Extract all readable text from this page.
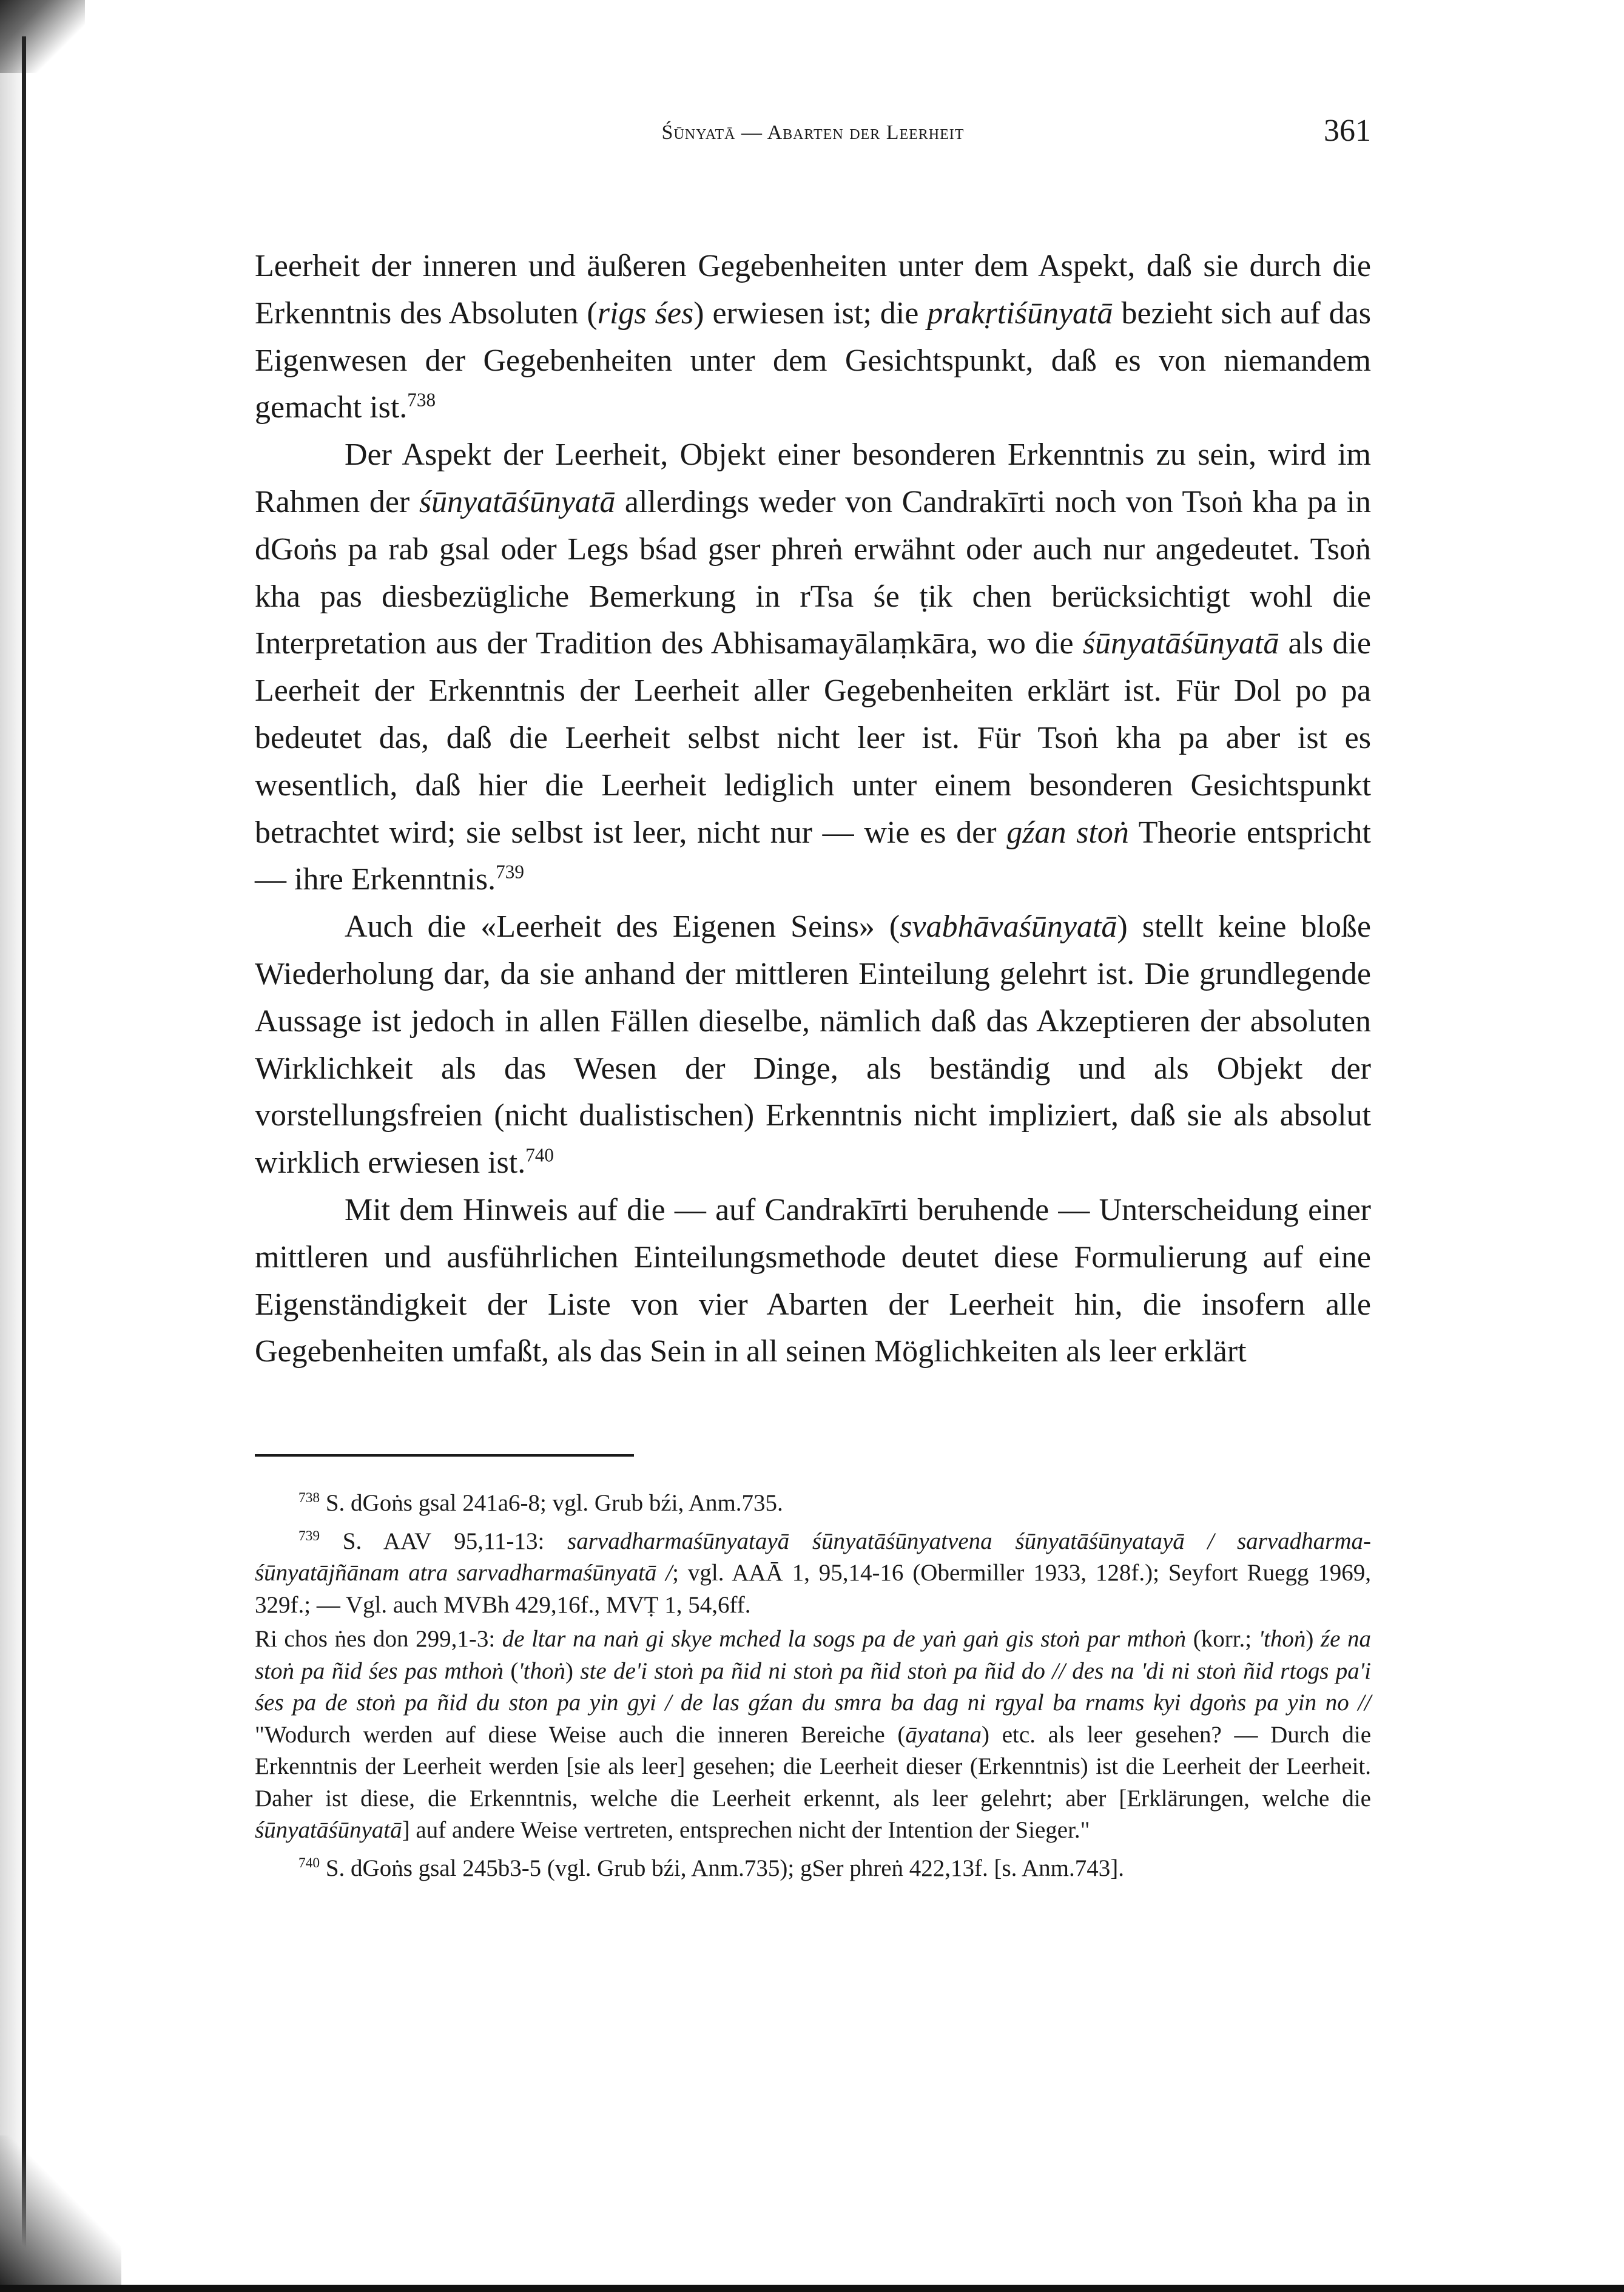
Śūnyatā — Abarten der Leerheit	361

Leerheit der inneren und äußeren Gegebenheiten unter dem Aspekt, daß sie durch die Erkenntnis des Absoluten (rigs śes) erwiesen ist; die prakṛtiśūnyatā bezieht sich auf das Eigenwesen der Gegebenheiten unter dem Gesichtspunkt, daß es von niemandem gemacht ist.$^{738}$

Der Aspekt der Leerheit, Objekt einer besonderen Erkenntnis zu sein, wird im Rahmen der śūnyatāśūnyatā allerdings weder von Candrakīrti noch von Tsoṅ kha pa in dGoṅs pa rab gsal oder Legs bśad gser phreṅ erwähnt oder auch nur angedeutet. Tsoṅ kha pas diesbezügliche Bemerkung in rTsa śe ṭik chen berücksichtigt wohl die Interpretation aus der Tradition des Abhisamayālaṃkāra, wo die śūnyatāśūnyatā als die Leerheit der Erkenntnis der Leerheit aller Gegebenheiten erklärt ist. Für Dol po pa bedeutet das, daß die Leerheit selbst nicht leer ist. Für Tsoṅ kha pa aber ist es wesentlich, daß hier die Leerheit lediglich unter einem besonderen Gesichtspunkt betrachtet wird; sie selbst ist leer, nicht nur — wie es der gźan stoṅ Theorie entspricht — ihre Erkenntnis.$^{739}$

Auch die «Leerheit des Eigenen Seins» (svabhāvaśūnyatā) stellt keine bloße Wiederholung dar, da sie anhand der mittleren Einteilung gelehrt ist. Die grundlegende Aussage ist jedoch in allen Fällen dieselbe, nämlich daß das Akzeptieren der absoluten Wirklichkeit als das Wesen der Dinge, als beständig und als Objekt der vorstellungsfreien (nicht dualistischen) Erkenntnis nicht impliziert, daß sie als absolut wirklich erwiesen ist.$^{740}$

Mit dem Hinweis auf die — auf Candrakīrti beruhende — Unterscheidung einer mittleren und ausführlichen Einteilungsmethode deutet diese Formulierung auf eine Eigenständigkeit der Liste von vier Abarten der Leerheit hin, die insofern alle Gegebenheiten umfaßt, als das Sein in all seinen Möglichkeiten als leer erklärt

$^{738}$ S. dGoṅs gsal 241a6-8; vgl. Grub bźi, Anm.735.

$^{739}$ S. AAV 95,11-13: sarvadharmaśūnyatayā śūnyatāśūnyatvena śūnyatāśūnyatayā / sarvadharmaśūnyatājñānam atra sarvadharmaśūnyatā /; vgl. AAĀ 1, 95,14-16 (Obermiller 1933, 128f.); Seyfort Ruegg 1969, 329f.; — Vgl. auch MVBh 429,16f., MVṬ 1, 54,6ff.

Ri chos ṅes don 299,1-3: de ltar na naṅ gi skye mched la sogs pa de yaṅ gaṅ gis stoṅ par mthoṅ (korr.; 'thoṅ) źe na stoṅ pa ñid śes pas mthoṅ ('thoṅ) ste de'i stoṅ pa ñid ni stoṅ pa ñid stoṅ pa ñid do // des na 'di ni stoṅ ñid rtogs pa'i śes pa de stoṅ pa ñid du ston pa yin gyi / de las gźan du smra ba dag ni rgyal ba rnams kyi dgoṅs pa yin no // "Wodurch werden auf diese Weise auch die inneren Bereiche (āyatana) etc. als leer gesehen? — Durch die Erkenntnis der Leerheit werden [sie als leer] gesehen; die Leerheit dieser (Erkenntnis) ist die Leerheit der Leerheit. Daher ist diese, die Erkenntnis, welche die Leerheit erkennt, als leer gelehrt; aber [Erklärungen, welche die śūnyatāśūnyatā] auf andere Weise vertreten, entsprechen nicht der Intention der Sieger."

$^{740}$ S. dGoṅs gsal 245b3-5 (vgl. Grub bźi, Anm.735); gSer phreṅ 422,13f. [s. Anm.743].
